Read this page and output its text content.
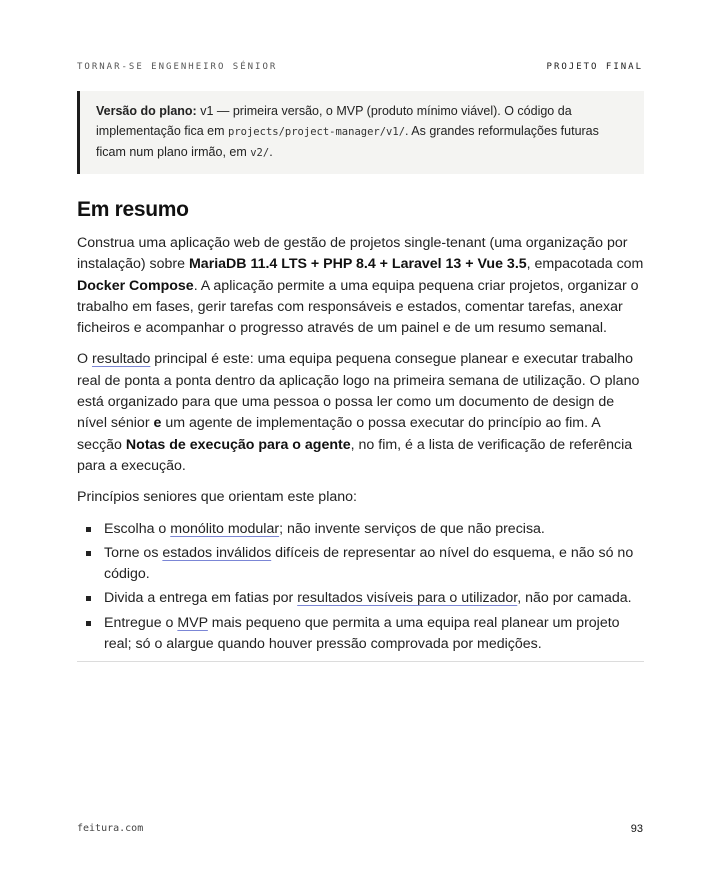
TORNAR-SE ENGENHEIRO SÉNIOR	PROJETO FINAL
Versão do plano: v1 — primeira versão, o MVP (produto mínimo viável). O código da implementação fica em projects/project-manager/v1/. As grandes reformulações futuras ficam num plano irmão, em v2/.
Em resumo

Construa uma aplicação web de gestão de projetos single-tenant (uma organização por instalação) sobre MariaDB 11.4 LTS + PHP 8.4 + Laravel 13 + Vue 3.5, empacotada com Docker Compose. A aplicação permite a uma equipa pequena criar projetos, organizar o trabalho em fases, gerir tarefas com responsáveis e estados, comentar tarefas, anexar ficheiros e acompanhar o progresso através de um painel e de um resumo semanal.

O resultado principal é este: uma equipa pequena consegue planear e executar trabalho real de ponta a ponta dentro da aplicação logo na primeira semana de utilização. O plano está organizado para que uma pessoa o possa ler como um documento de design de nível sénior e um agente de implementação o possa executar do princípio ao fim. A secção Notas de execução para o agente, no fim, é a lista de verificação de referência para a execução.

Princípios seniores que orientam este plano:

Escolha o monólito modular; não invente serviços de que não precisa.
Torne os estados inválidos difíceis de representar ao nível do esquema, e não só no código.
Divida a entrega em fatias por resultados visíveis para o utilizador, não por camada.
Entregue o MVP mais pequeno que permita a uma equipa real planear um projeto real; só o alargue quando houver pressão comprovada por medições.
feitura.com	93
